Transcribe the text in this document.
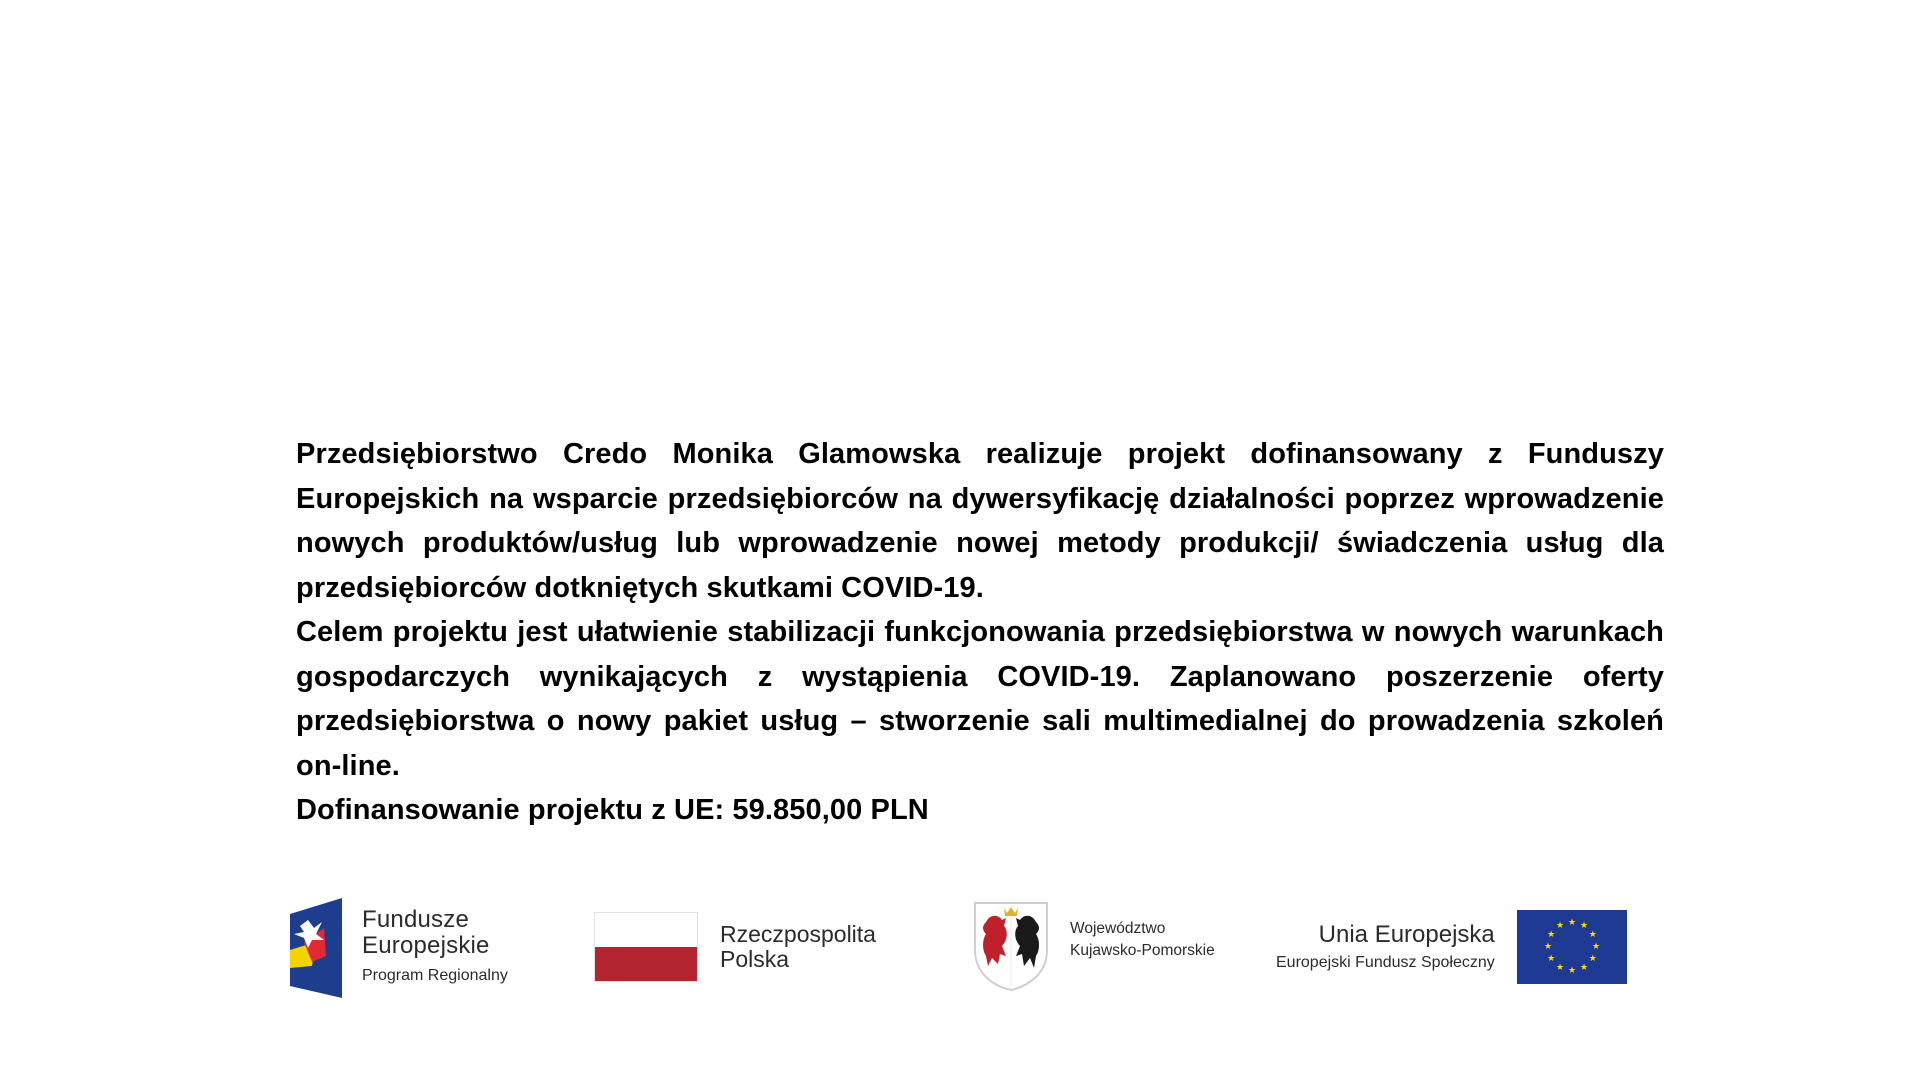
Przedsiębiorstwo Credo Monika Glamowska realizuje projekt dofinansowany z Funduszy Europejskich na wsparcie przedsiębiorców na dywersyfikację działalności poprzez wprowadzenie nowych produktów/usług lub wprowadzenie nowej metody produkcji/ świadczenia usług dla przedsiębiorców dotkniętych skutkami COVID-19.

Celem projektu jest ułatwienie stabilizacji funkcjonowania przedsiębiorstwa w nowych warunkach gospodarczych wynikających z wystąpienia COVID-19. Zaplanowano poszerzenie oferty przedsiębiorstwa o nowy pakiet usług – stworzenie sali multimedialnej do prowadzenia szkoleń on-line.

Dofinansowanie projektu z UE: 59.850,00 PLN

Fundusze
Europejskie
Program Regionalny
Rzeczpospolita
Polska
Województwo
Kujawsko-Pomorskie
Unia Europejska
Europejski Fundusz Społeczny
★ ★
★
★
★
★
★
★
★
★
★
★
